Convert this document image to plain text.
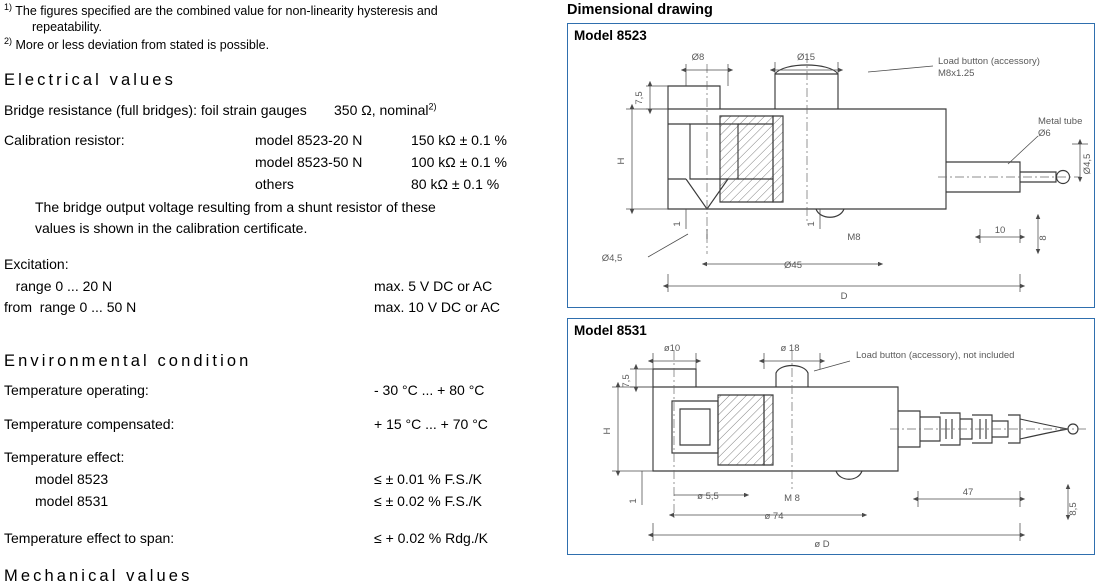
$^{1)}$ The figures specified are the combined value for non-linearity hysteresis and
repeatability.

$^{2)}$ More or less deviation from stated is possible.

Electrical values
Bridge resistance (full bridges): foil strain gauges	350 Ω, nominal$^{2)}$
Calibration resistor:	model 8523-20 N	150 kΩ ± 0.1 %
model 8523-50 N	100 kΩ ± 0.1 %
others	80 kΩ ± 0.1 %
The bridge output voltage resulting from a shunt resistor of these
values is shown in the calibration certificate.
Excitation:
range 0 ... 20 N	max. 5 V DC or AC
from  range 0 ... 50 N	max. 10 V DC or AC
Environmental condition
Temperature operating:	- 30 °C ... + 80 °C
Temperature compensated:	+ 15 °C ... + 70 °C
Temperature effect:
model 8523	≤ ± 0.01 % F.S./K
model 8531	≤ ± 0.02 % F.S./K
Temperature effect to span:	≤ + 0.02 % Rdg./K
Mechanical values
Dimensional drawing
Model 8523
Ø8	Ø15
7,5
H
1	1
M8
10
8
Ø4,5
Ø45
D
Ø4,5
Load button (accessory)
M8x1.25
Metal tube
Ø6
Model 8531
ø10	ø 18
7,5
H
1	ø 5,5	M 8
ø 74
ø D
47
8,5
Load button (accessory), not included
